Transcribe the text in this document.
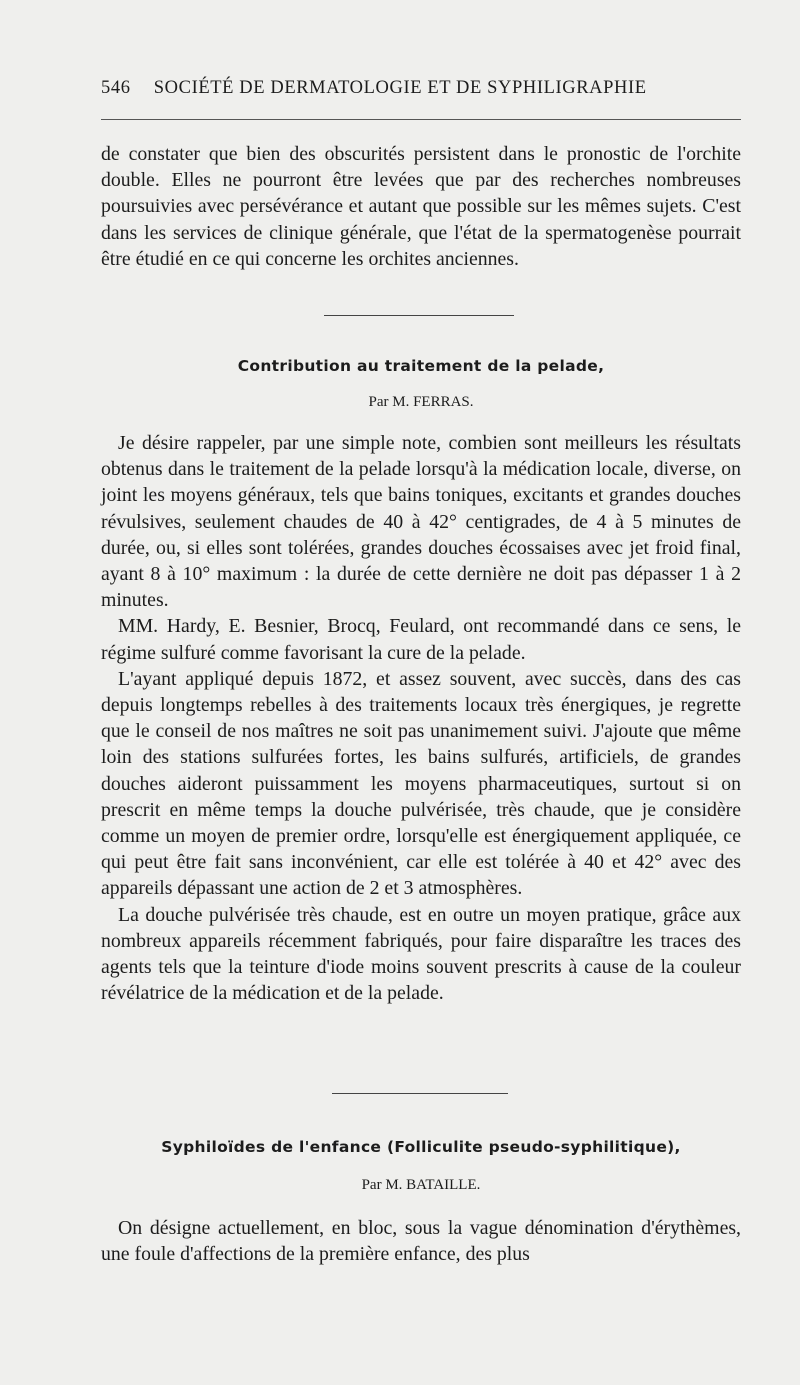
546 SOCIÉTÉ DE DERMATOLOGIE ET DE SYPHILIGRAPHIE

de constater que bien des obscurités persistent dans le pronostic de l'orchite double. Elles ne pourront être levées que par des recherches nombreuses poursuivies avec persévérance et autant que possible sur les mêmes sujets. C'est dans les services de clinique générale, que l'état de la spermatogenèse pourrait être étudié en ce qui concerne les orchites anciennes.

Contribution au traitement de la pelade,
Par M. FERRAS.

Je désire rappeler, par une simple note, combien sont meilleurs les résultats obtenus dans le traitement de la pelade lorsqu'à la médication locale, diverse, on joint les moyens généraux, tels que bains toniques, excitants et grandes douches révulsives, seulement chaudes de 40 à 42° centigrades, de 4 à 5 minutes de durée, ou, si elles sont tolérées, grandes douches écossaises avec jet froid final, ayant 8 à 10° maximum : la durée de cette dernière ne doit pas dépasser 1 à 2 minutes.

MM. Hardy, E. Besnier, Brocq, Feulard, ont recommandé dans ce sens, le régime sulfuré comme favorisant la cure de la pelade.

L'ayant appliqué depuis 1872, et assez souvent, avec succès, dans des cas depuis longtemps rebelles à des traitements locaux très énergiques, je regrette que le conseil de nos maîtres ne soit pas unanimement suivi. J'ajoute que même loin des stations sulfurées fortes, les bains sulfurés, artificiels, de grandes douches aideront puissamment les moyens pharmaceutiques, surtout si on prescrit en même temps la douche pulvérisée, très chaude, que je considère comme un moyen de premier ordre, lorsqu'elle est énergiquement appliquée, ce qui peut être fait sans inconvénient, car elle est tolérée à 40 et 42° avec des appareils dépassant une action de 2 et 3 atmosphères.

La douche pulvérisée très chaude, est en outre un moyen pratique, grâce aux nombreux appareils récemment fabriqués, pour faire disparaître les traces des agents tels que la teinture d'iode moins souvent prescrits à cause de la couleur révélatrice de la médication et de la pelade.

Syphiloïdes de l'enfance (Folliculite pseudo-syphilitique),
Par M. BATAILLE.

On désigne actuellement, en bloc, sous la vague dénomination d'érythèmes, une foule d'affections de la première enfance, des plus
